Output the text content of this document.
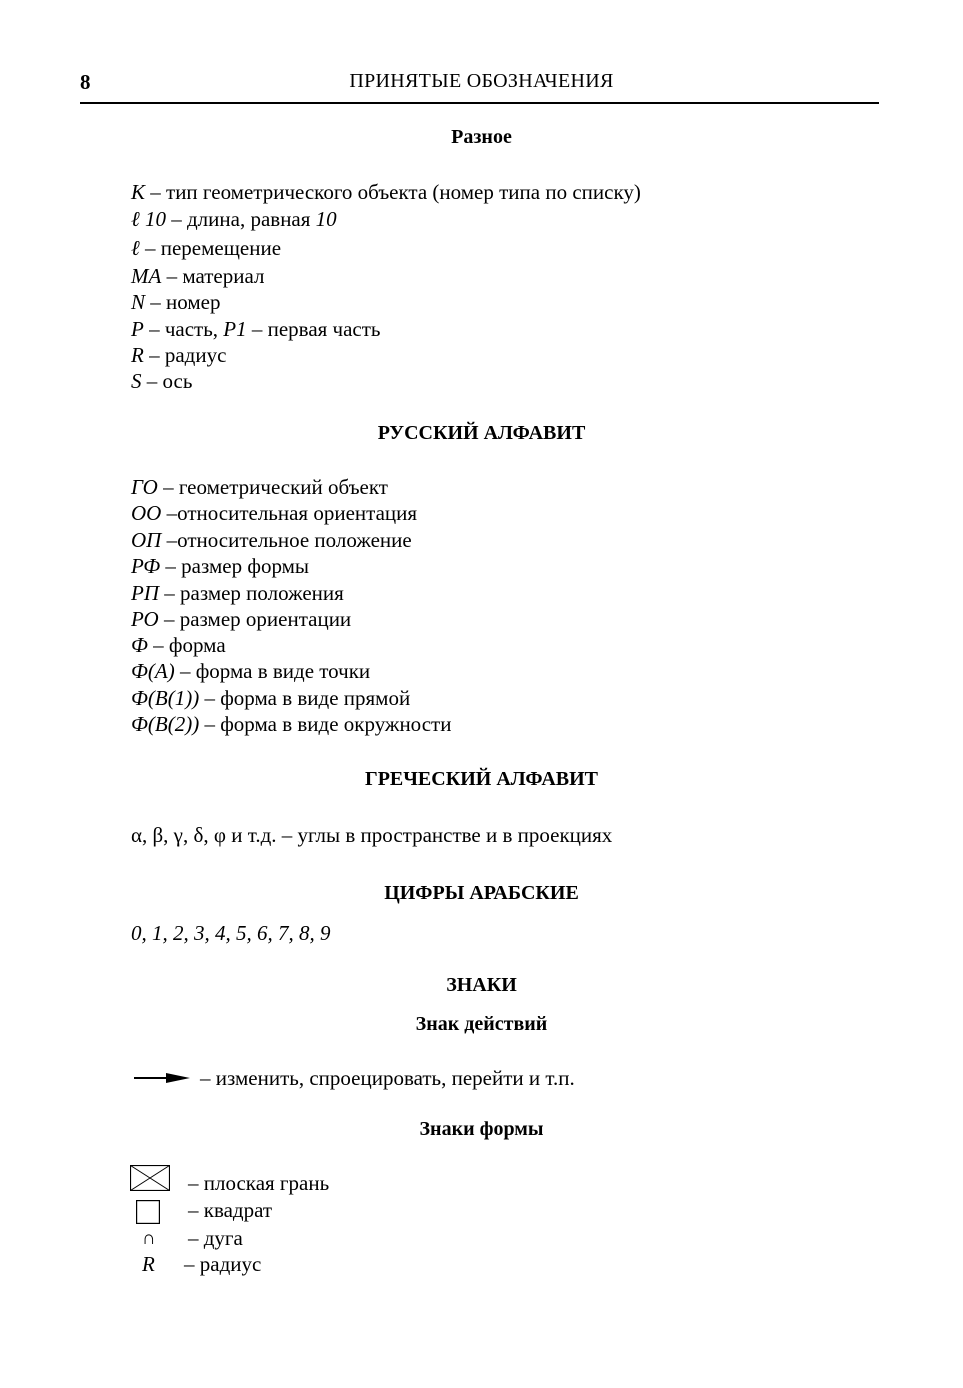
8	ПРИНЯТЫЕ ОБОЗНАЧЕНИЯ
Разное
K – тип геометрического объекта (номер типа по списку)
ℓ 10 – длина, равная 10
ℓ – перемещение
MA – материал
N – номер
P – часть, P1 – первая часть
R – радиус
S – ось
РУССКИЙ АЛФАВИТ
ГО – геометрический объект
ОО –относительная ориентация
ОП –относительное положение
РФ – размер формы
РП – размер положения
РО – размер ориентации
Ф – форма
Ф(A) – форма в виде точки
Ф(B(1)) – форма в виде прямой
Ф(B(2)) – форма в виде окружности
ГРЕЧЕСКИЙ АЛФАВИТ
α, β, γ, δ, φ и т.д. – углы в пространстве и в проекциях
ЦИФРЫ АРАБСКИЕ
0, 1, 2, 3, 4, 5, 6, 7, 8, 9
ЗНАКИ
Знак действий
– изменить, спроецировать, перейти и т.п.
Знаки формы
– плоская грань
– квадрат
∩ – дуга
R – радиус
